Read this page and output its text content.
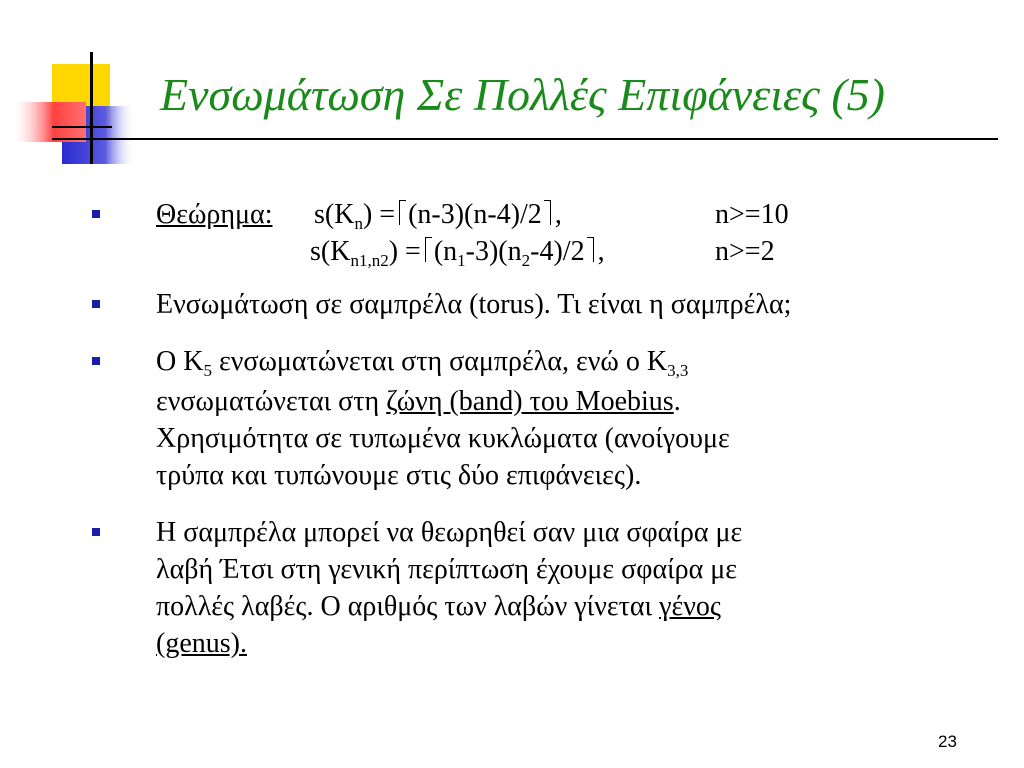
Ενσωμάτωση Σε Πολλές Επιφάνειες (5)
Θεώρημα: $s(K_n) = (n-3)(n-4)/2$ ,	n>=10
$s(K_{n1,n2}) = (n_1-3)(n_2-4)/2$ ,	n>=2
Ενσωμάτωση σε σαμπρέλα (torus). Τι είναι η σαμπρέλα;
Ο $K_5$ ενσωματώνεται στη σαμπρέλα, ενώ ο $K_{3,3}$
ενσωματώνεται στη ζώνη (band) του Moebius.
Χρησιμότητα σε τυπωμένα κυκλώματα (ανοίγουμε
τρύπα και τυπώνουμε στις δύο επιφάνειες).
Η σαμπρέλα μπορεί να θεωρηθεί σαν μια σφαίρα με
λαβή Έτσι στη γενική περίπτωση έχουμε σφαίρα με
πολλές λαβές. Ο αριθμός των λαβών γίνεται γένος
(genus).
23
